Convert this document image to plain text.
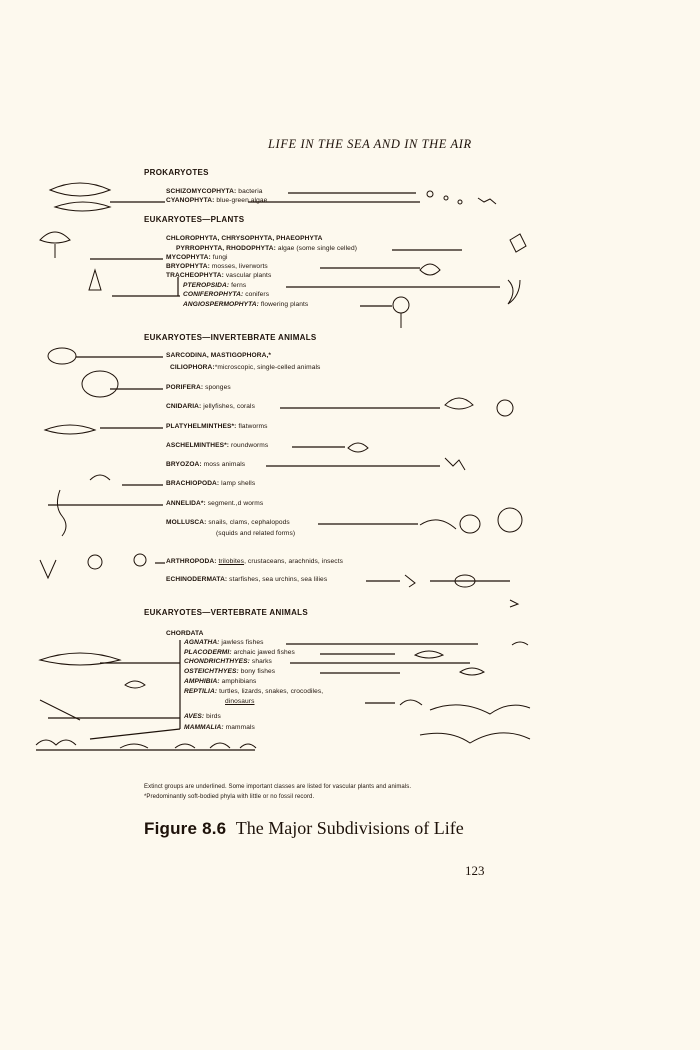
LIFE IN THE SEA AND IN THE AIR
PROKARYOTES
EUKARYOTES—PLANTS
EUKARYOTES—INVERTEBRATE ANIMALS
EUKARYOTES—VERTEBRATE ANIMALS
SCHIZOMYCOPHYTA: bacteria
CYANOPHYTA: blue-green algae
CHLOROPHYTA, CHRYSOPHYTA, PHAEOPHYTA
PYRROPHYTA, RHODOPHYTA: algae (some single celled)
MYCOPHYTA: fungi
BRYOPHYTA: mosses, liverworts
TRACHEOPHYTA: vascular plants
PTEROPSIDA: ferns
CONIFEROPHYTA: conifers
ANGIOSPERMOPHYTA: flowering plants
SARCODINA, MASTIGOPHORA,*
CILIOPHORA:*microscopic, single-celled animals
PORIFERA: sponges
CNIDARIA: jellyfishes, corals
PLATYHELMINTHES*: flatworms
ASCHELMINTHES*: roundworms
BRYOZOA: moss animals
BRACHIOPODA: lamp shells
ANNELIDA*: segment.,d worms
MOLLUSCA: snails, clams, cephalopods
(squids and related forms)
ARTHROPODA: trilobites, crustaceans, arachnids, insects
ECHINODERMATA: starfishes, sea urchins, sea lilies
CHORDATA
AGNATHA: jawless fishes
PLACODERMI: archaic jawed fishes
CHONDRICHTHYES: sharks
OSTEICHTHYES: bony fishes
AMPHIBIA: amphibians
REPTILIA: turtles, lizards, snakes, crocodiles,
dinosaurs
AVES: birds
MAMMALIA: mammals
Extinct groups are underlined. Some important classes are listed for vascular plants and animals.
*Predominantly soft-bodied phyla with little or no fossil record.
Figure 8.6 The Major Subdivisions of Life
123
